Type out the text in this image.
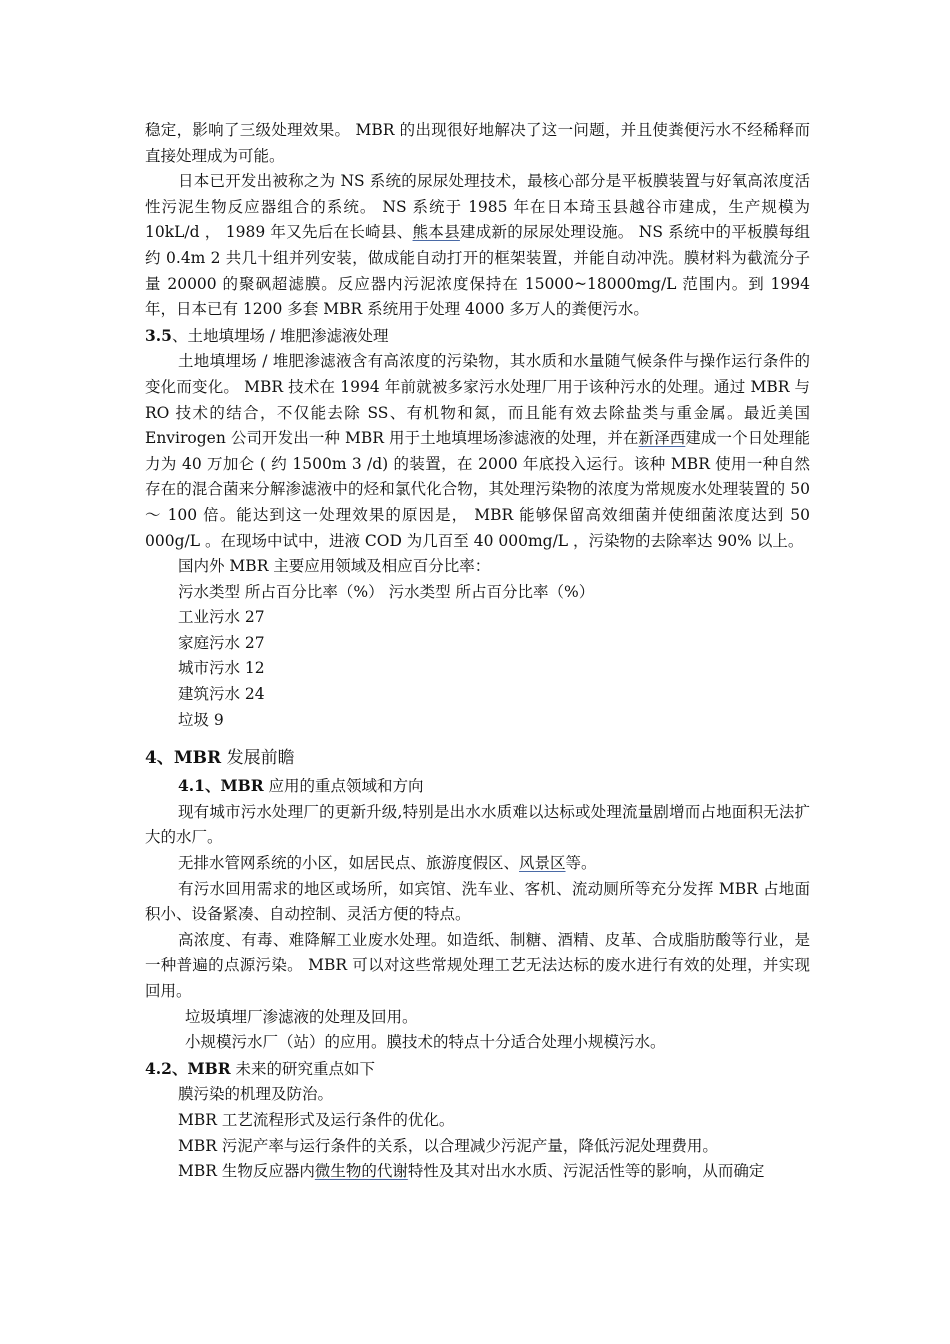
稳定，影响了三级处理效果。 MBR 的出现很好地解决了这一问题，并且使粪便污水不经稀释而直接处理成为可能。

日本已开发出被称之为 NS 系统的尿尿处理技术，最核心部分是平板膜装置与好氧高浓度活性污泥生物反应器组合的系统。 NS 系统于 1985 年在日本琦玉县越谷市建成，生产规模为 10kL/d ， 1989 年又先后在长崎县、熊本县建成新的尿尿处理设施。 NS 系统中的平板膜每组约 0.4m 2 共几十组并列安装，做成能自动打开的框架装置，并能自动冲洗。膜材料为截流分子量 20000 的聚砜超滤膜。反应器内污泥浓度保持在 15000~18000mg/L 范围内。到 1994 年，日本已有 1200 多套 MBR 系统用于处理 4000 多万人的粪便污水。

3.5、土地填埋场 / 堆肥渗滤液处理

土地填埋场 / 堆肥渗滤液含有高浓度的污染物，其水质和水量随气候条件与操作运行条件的变化而变化。 MBR 技术在 1994 年前就被多家污水处理厂用于该种污水的处理。通过 MBR 与 RO 技术的结合，不仅能去除 SS、有机物和氮，而且能有效去除盐类与重金属。最近美国 Envirogen 公司开发出一种 MBR 用于土地填埋场渗滤液的处理，并在新泽西建成一个日处理能力为 40 万加仑 ( 约 1500m 3 /d) 的装置，在 2000 年底投入运行。该种 MBR 使用一种自然存在的混合菌来分解渗滤液中的烃和氯代化合物，其处理污染物的浓度为常规废水处理装置的 50 ～ 100 倍。能达到这一处理效果的原因是， MBR 能够保留高效细菌并使细菌浓度达到 50 000g/L 。在现场中试中，进液 COD 为几百至 40 000mg/L ，污染物的去除率达 90% 以上。

国内外 MBR 主要应用领域及相应百分比率：

污水类型 所占百分比率（%） 污水类型 所占百分比率（%）

工业污水 27

家庭污水 27

城市污水 12

建筑污水 24

垃圾 9

4、MBR 发展前瞻

4.1、MBR 应用的重点领域和方向

现有城市污水处理厂的更新升级,特别是出水水质难以达标或处理流量剧增而占地面积无法扩大的水厂。

无排水管网系统的小区，如居民点、旅游度假区、风景区等。

有污水回用需求的地区或场所，如宾馆、洗车业、客机、流动厕所等充分发挥 MBR 占地面积小、设备紧凑、自动控制、灵活方便的特点。

高浓度、有毒、难降解工业废水处理。如造纸、制糖、酒精、皮革、合成脂肪酸等行业，是一种普遍的点源污染。 MBR 可以对这些常规处理工艺无法达标的废水进行有效的处理，并实现回用。

垃圾填埋厂渗滤液的处理及回用。

小规模污水厂（站）的应用。膜技术的特点十分适合处理小规模污水。

4.2、MBR 未来的研究重点如下

膜污染的机理及防治。

MBR 工艺流程形式及运行条件的优化。

MBR 污泥产率与运行条件的关系，以合理减少污泥产量，降低污泥处理费用。

MBR 生物反应器内微生物的代谢特性及其对出水水质、污泥活性等的影响，从而确定
